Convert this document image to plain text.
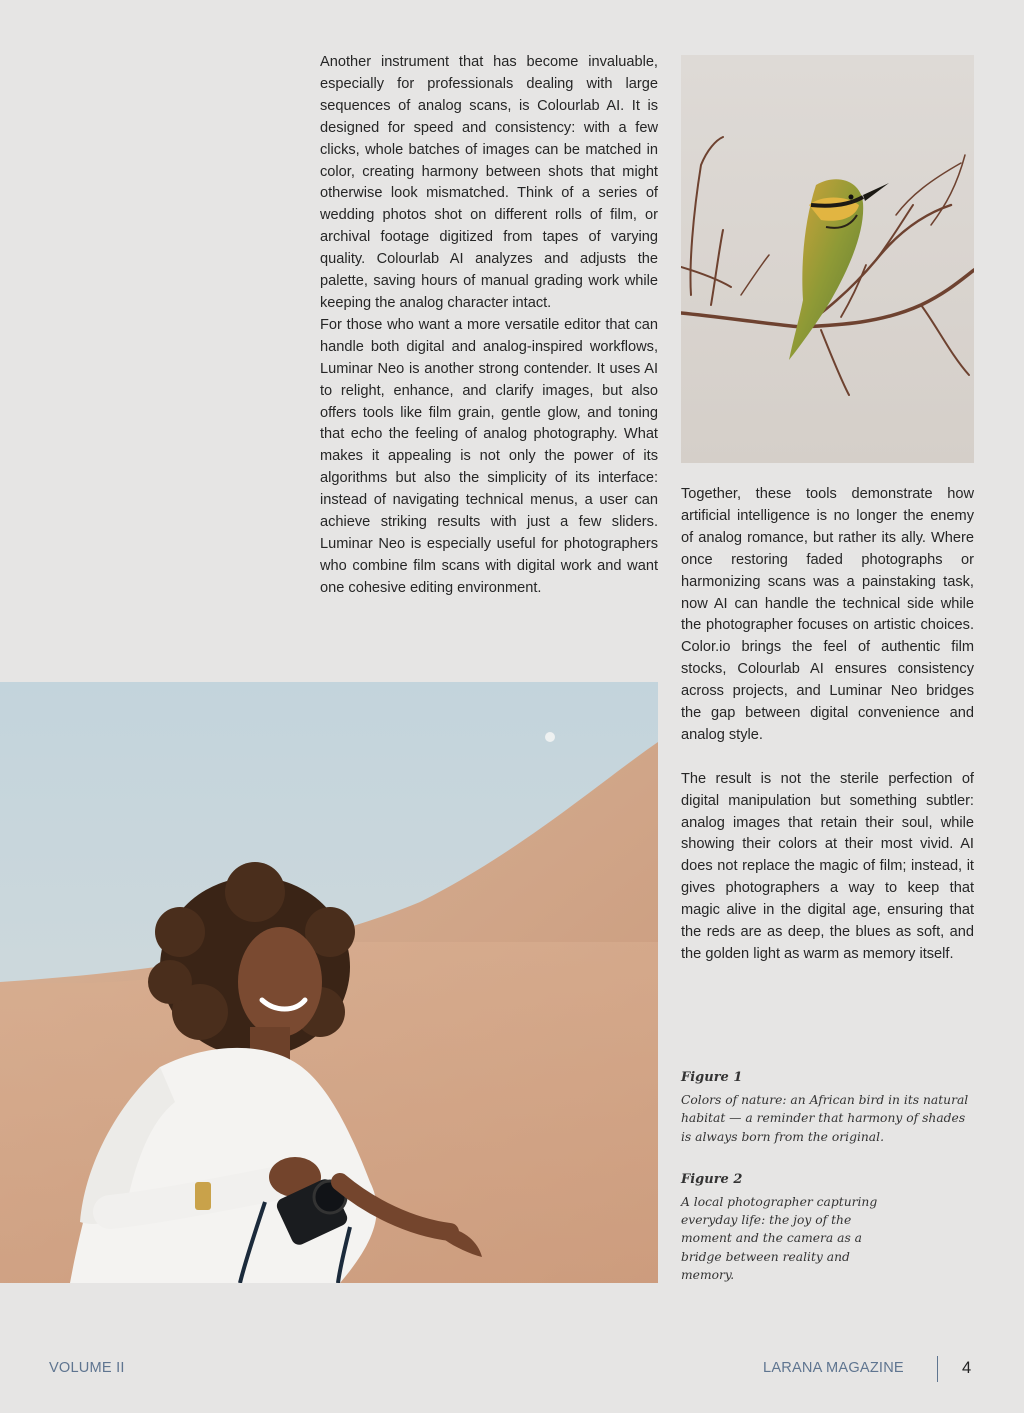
Another instrument that has become invaluable, especially for professionals dealing with large sequences of analog scans, is Colourlab AI. It is designed for speed and consistency: with a few clicks, whole batches of images can be matched in color, creating harmony between shots that might otherwise look mismatched. Think of a series of wedding photos shot on different rolls of film, or archival footage digitized from tapes of varying quality. Colourlab AI analyzes and adjusts the palette, saving hours of manual grading work while keeping the analog character intact.

For those who want a more versatile editor that can handle both digital and analog-inspired workflows, Luminar Neo is another strong contender. It uses AI to relight, enhance, and clarify images, but also offers tools like film grain, gentle glow, and toning that echo the feeling of analog photography. What makes it appealing is not only the power of its algorithms but also the simplicity of its interface: instead of navigating technical menus, a user can achieve striking results with just a few sliders. Luminar Neo is especially useful for photographers who combine film scans with digital work and want one cohesive editing environment.

Together, these tools demonstrate how artificial intelligence is no longer the enemy of analog romance, but rather its ally. Where once restoring faded photographs or harmonizing scans was a painstaking task, now AI can handle the technical side while the photographer focuses on artistic choices. Color.io brings the feel of authentic film stocks, Colourlab AI ensures consistency across projects, and Luminar Neo bridges the gap between digital convenience and analog style.

The result is not the sterile perfection of digital manipulation but something subtler: analog images that retain their soul, while showing their colors at their most vivid. AI does not replace the magic of film; instead, it gives photographers a way to keep that magic alive in the digital age, ensuring that the reds are as deep, the blues as soft, and the golden light as warm as memory itself.

Figure 1
Colors of nature: an African bird in its natural habitat — a reminder that harmony of shades is always born from the original.
Figure 2
A local photographer capturing everyday life: the joy of the moment and the camera as a bridge between reality and memory.
VOLUME II	LARANA MAGAZINE	4
